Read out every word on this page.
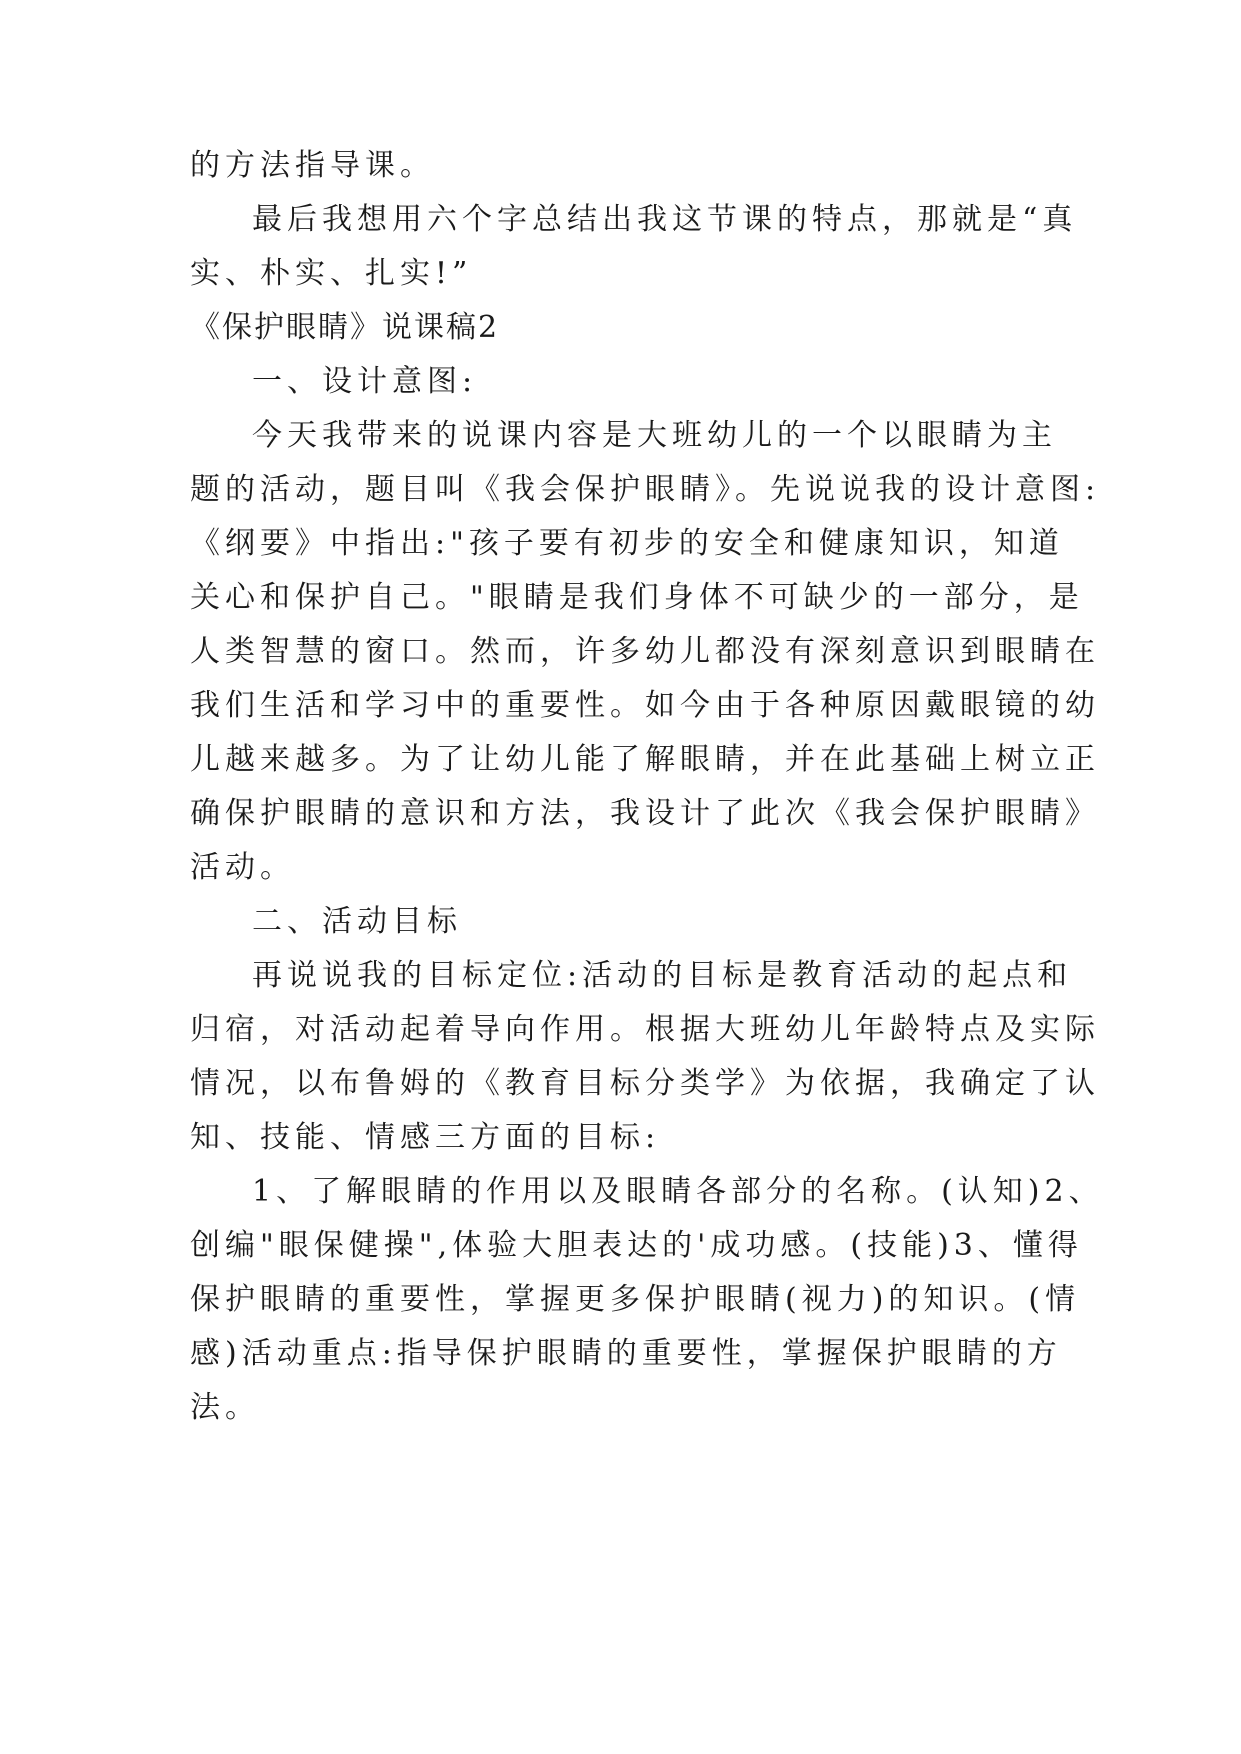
的方法指导课。
最后我想用六个字总结出我这节课的特点，那就是“真
实、朴实、扎实!”
《保护眼睛》说课稿2
一、设计意图:
今天我带来的说课内容是大班幼儿的一个以眼睛为主
题的活动，题目叫《我会保护眼睛》。先说说我的设计意图:
《纲要》中指出:"孩子要有初步的安全和健康知识，知道
关心和保护自己。"眼睛是我们身体不可缺少的一部分，是
人类智慧的窗口。然而，许多幼儿都没有深刻意识到眼睛在
我们生活和学习中的重要性。如今由于各种原因戴眼镜的幼
儿越来越多。为了让幼儿能了解眼睛，并在此基础上树立正
确保护眼睛的意识和方法，我设计了此次《我会保护眼睛》
活动。
二、活动目标
再说说我的目标定位:活动的目标是教育活动的起点和
归宿，对活动起着导向作用。根据大班幼儿年龄特点及实际
情况，以布鲁姆的《教育目标分类学》为依据，我确定了认
知、技能、情感三方面的目标:
1、了解眼睛的作用以及眼睛各部分的名称。(认知)2、
创编"眼保健操",体验大胆表达的'成功感。(技能)3、懂得
保护眼睛的重要性，掌握更多保护眼睛(视力)的知识。(情
感)活动重点:指导保护眼睛的重要性，掌握保护眼睛的方
法。
